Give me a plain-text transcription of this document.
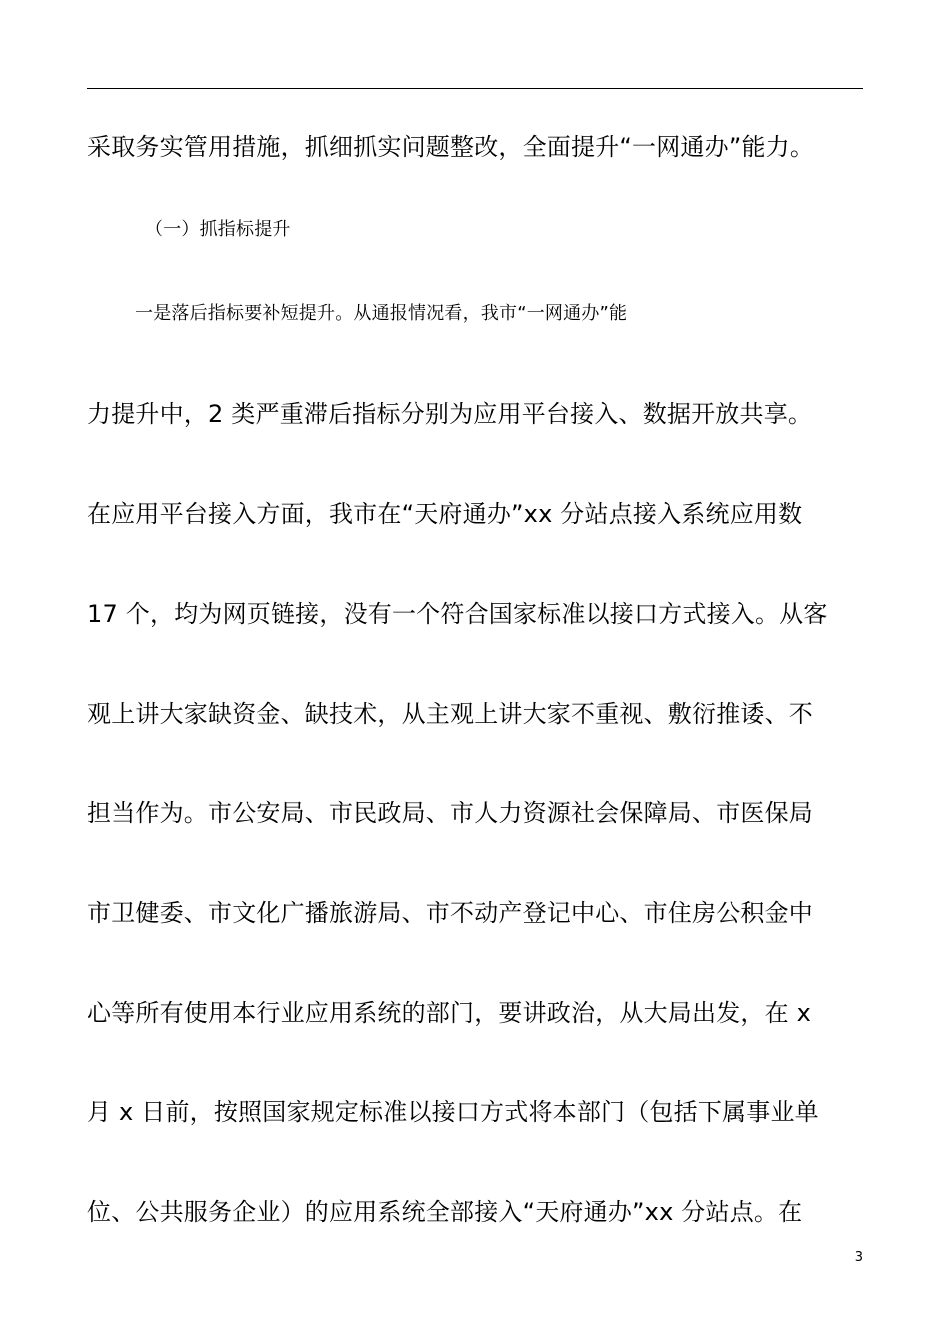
采取务实管用措施，抓细抓实问题整改，全面提升“一网通办”能力。
（一）抓指标提升
一是落后指标要补短提升。从通报情况看，我市“一网通办”能
力提升中，2 类严重滞后指标分别为应用平台接入、数据开放共享。
在应用平台接入方面，我市在“天府通办”xx 分站点接入系统应用数
17 个，均为网页链接，没有一个符合国家标准以接口方式接入。从客
观上讲大家缺资金、缺技术，从主观上讲大家不重视、敷衍推诿、不
担当作为。市公安局、市民政局、市人力资源社会保障局、市医保局
市卫健委、市文化广播旅游局、市不动产登记中心、市住房公积金中
心等所有使用本行业应用系统的部门，要讲政治，从大局出发，在 x
月 x 日前，按照国家规定标准以接口方式将本部门（包括下属事业单
位、公共服务企业）的应用系统全部接入“天府通办”xx 分站点。在
3
